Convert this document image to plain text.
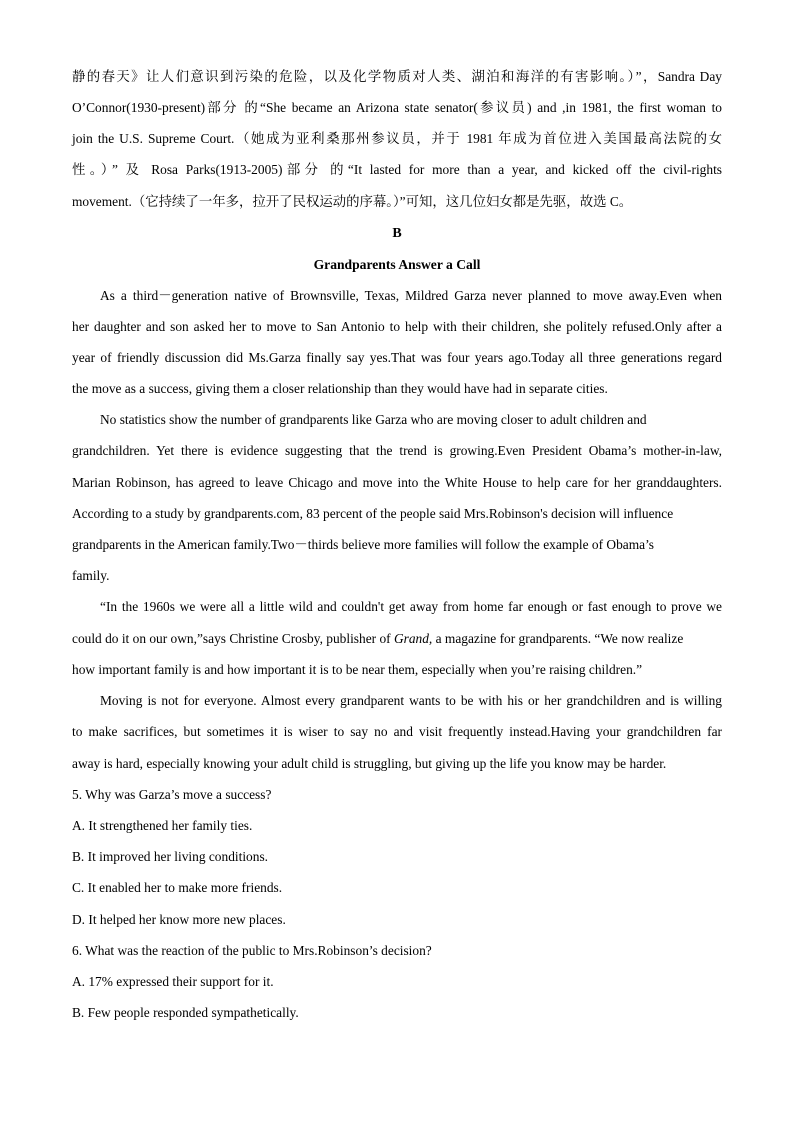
静的春天》让人们意识到污染的危险，以及化学物质对人类、湖泊和海洋的有害影响。）”，Sandra Day
O’Connor(1930-present)部分 的“She became an Arizona state senator(参议员) and ,in 1981, the first woman to
join the U.S. Supreme Court.（她成为亚利桑那州参议员，并于 1981 年成为首位进入美国最高法院的女
性。）” 及 Rosa Parks(1913-2005)部分 的“It lasted for more than a year, and kicked off the civil-rights
movement.（它持续了一年多，拉开了民权运动的序幕。）”可知，这几位妇女都是先驱，故选 C。
B
Grandparents Answer a Call
As a third－generation native of Brownsville, Texas, Mildred Garza never planned to move away.Even when
her daughter and son asked her to move to San Antonio to help with their children, she politely refused.Only after a
year of friendly discussion did Ms.Garza finally say yes.That was four years ago.Today all three generations regard
the move as a success, giving them a closer relationship than they would have had in separate cities.
No statistics show the number of grandparents like Garza who are moving closer to adult children and
grandchildren. Yet there is evidence suggesting that the trend is growing.Even President Obama’s mother-in-law,
Marian Robinson, has agreed to leave Chicago and move into the White House to help care for her granddaughters.
According to a study by grandparents.com, 83 percent of the people said Mrs.Robinson's decision will influence
grandparents in the American family.Two－thirds believe more families will follow the example of Obama’s
family.
“In the 1960s we were all a little wild and couldn't get away from home far enough or fast enough to prove we
could do it on our own,”says Christine Crosby, publisher of Grand, a magazine for grandparents. “We now realize
how important family is and how important it is to be near them, especially when you’re raising children.”
Moving is not for everyone. Almost every grandparent wants to be with his or her grandchildren and is willing
to make sacrifices, but sometimes it is wiser to say no and visit frequently instead.Having your grandchildren far
away is hard, especially knowing your adult child is struggling, but giving up the life you know may be harder.
5. Why was Garza’s move a success?
A. It strengthened her family ties.
B. It improved her living conditions.
C. It enabled her to make more friends.
D. It helped her know more new places.
6. What was the reaction of the public to Mrs.Robinson’s decision?
A. 17% expressed their support for it.
B. Few people responded sympathetically.
